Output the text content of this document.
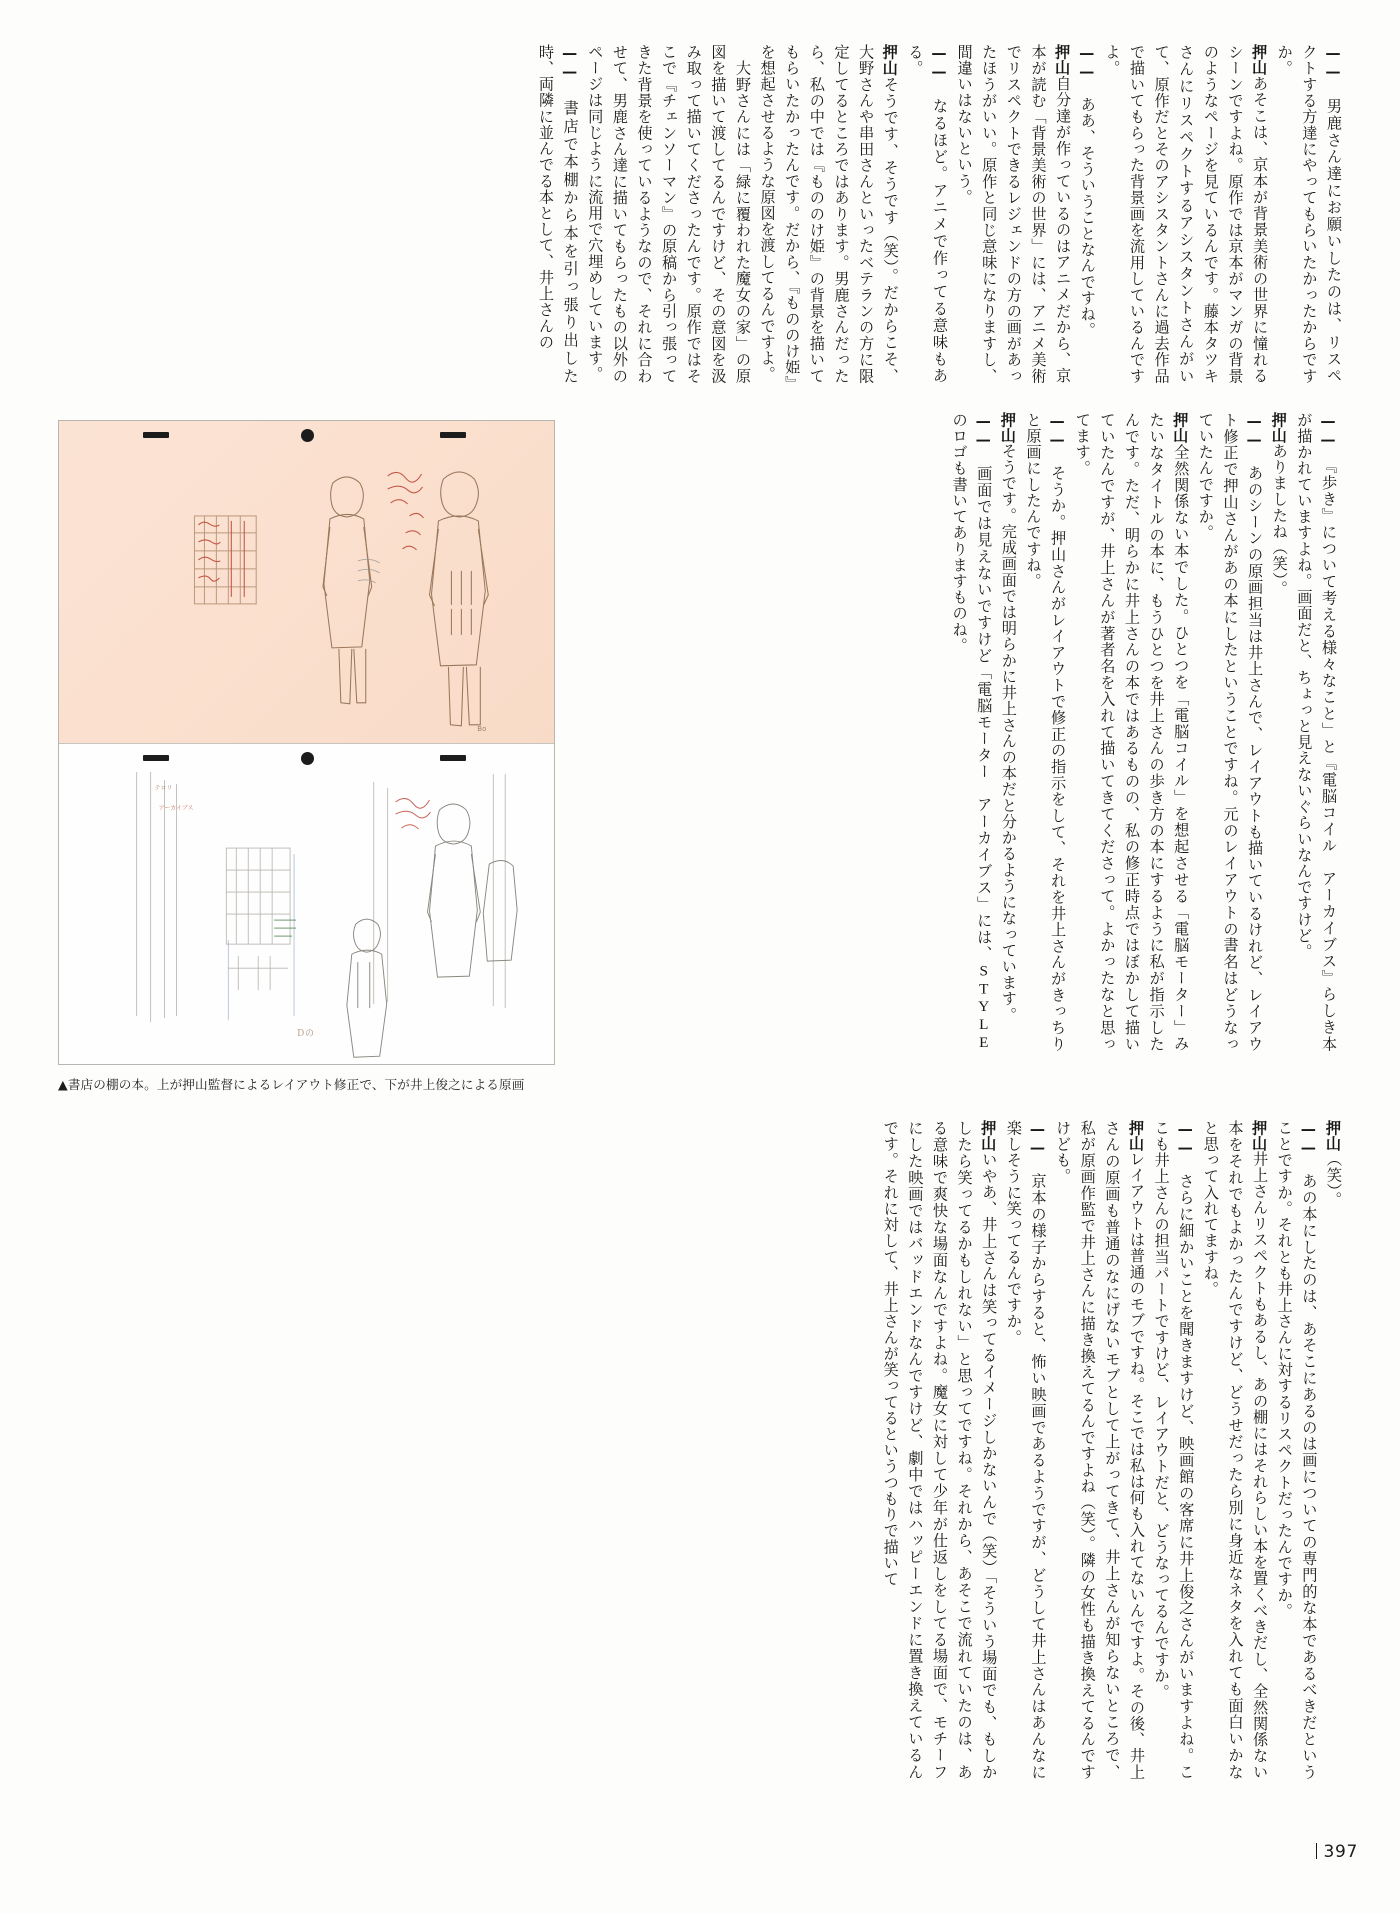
——　男鹿さん達にお願いしたのは、リスペクトする方達にやってもらいたかったからですか。

押山あそこは、京本が背景美術の世界に憧れるシーンですよね。原作では京本がマンガの背景のようなページを見ているんです。藤本タツキさんにリスペクトするアシスタントさんがいて、原作だとそのアシスタントさんに過去作品で描いてもらった背景画を流用しているんですよ。

——　ああ、そういうことなんですね。

押山自分達が作っているのはアニメだから、京本が読む「背景美術の世界」には、アニメ美術でリスペクトできるレジェンドの方の画があったほうがいい。原作と同じ意味になりますし、間違いはないという。

——　なるほど。アニメで作ってる意味もある。

押山そうです、そうです（笑）。だからこそ、大野さんや串田さんといったベテランの方に限定してるところではあります。男鹿さんだったら、私の中では『もののけ姫』の背景を描いてもらいたかったんです。だから、『もののけ姫』を想起させるような原図を渡してるんですよ。

　大野さんには「緑に覆われた魔女の家」の原図を描いて渡してるんですけど、その意図を汲み取って描いてくださったんです。原作ではそこで『チェンソーマン』の原稿から引っ張ってきた背景を使っているようなので、それに合わせて、男鹿さん達に描いてもらったもの以外のページは同じように流用で穴埋めしています。

——　書店で本棚から本を引っ張り出した時、両隣に並んでる本として、井上さんの

——　『歩き』について考える様々なこと」と『電脳コイル　アーカイブス』らしき本が描かれていますよね。画面だと、ちょっと見えないぐらいなんですけど。

押山ありましたね（笑）。

——　あのシーンの原画担当は井上さんで、レイアウトも描いているけれど、レイアウト修正で押山さんがあの本にしたということですね。元のレイアウトの書名はどうなっていたんですか。

押山全然関係ない本でした。ひとつを「電脳コイル」を想起させる「電脳モーター」みたいなタイトルの本に、もうひとつを井上さんの歩き方の本にするように私が指示したんです。ただ、明らかに井上さんの本ではあるものの、私の修正時点ではぼかして描いていたんですが、井上さんが著者名を入れて描いてきてくださって。よかったなと思ってます。

——　そうか。押山さんがレイアウトで修正の指示をして、それを井上さんがきっちりと原画にしたんですね。

押山そうです。完成画面では明らかに井上さんの本だと分かるようになっています。

——　画面では見えないですけど「電脳モーター　アーカイブス」には、STYLEのロゴも書いてありますものね。

Bo
テロリ
アーカイブス
Ｄの
▲書店の棚の本。上が押山監督によるレイアウト修正で、下が井上俊之による原画

押山（笑）。

——　あの本にしたのは、あそこにあるのは画についての専門的な本であるべきだということですか。それとも井上さんに対するリスペクトだったんですか。

押山井上さんリスペクトもあるし、あの棚にはそれらしい本を置くべきだし、全然関係ない本をそれでもよかったんですけど、どうせだったら別に身近なネタを入れても面白いかなと思って入れてますね。

——　さらに細かいことを聞きますけど、映画館の客席に井上俊之さんがいますよね。ここも井上さんの担当パートですけど、レイアウトだと、どうなってるんですか。

押山レイアウトは普通のモブですね。そこでは私は何も入れてないんですよ。その後、井上さんの原画も普通のなにげないモブとして上がってきて、井上さんが知らないところで、私が原画作監で井上さんに描き換えてるんですよね（笑）。隣の女性も描き換えてるんですけども。

——　京本の様子からすると、怖い映画であるようですが、どうして井上さんはあんなに楽しそうに笑ってるんですか。

押山いやあ、井上さんは笑ってるイメージしかないんで（笑）「そういう場面でも、もしかしたら笑ってるかもしれない」と思ってですね。それから、あそこで流れていたのは、ある意味で爽快な場面なんですよね。魔女に対して少年が仕返しをしてる場面で、モチーフにした映画ではバッドエンドなんですけど、劇中ではハッピーエンドに置き換えているんです。それに対して、井上さんが笑ってるというつもりで描いて

397
